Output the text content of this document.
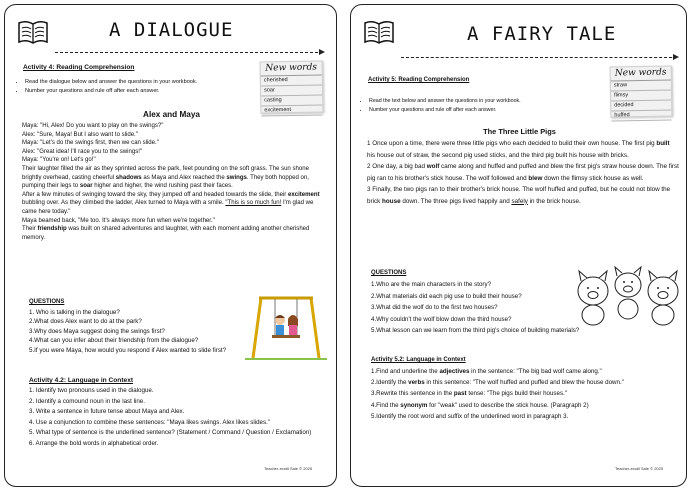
A DIALOGUE
New words
cherished
soar
casting
excitement
Activity 4: Reading Comprehension
• Read the dialogue below and answer the questions in your workbook.
• Number your questions and rule off after each answer.
Alex and Maya
Maya: "Hi, Alex! Do you want to play on the swings?"
Alex: "Sure, Maya! But I also want to slide."
Maya: "Let's do the swings first, then we can slide."
Alex: "Great idea! I'll race you to the swings!"
Maya: "You're on! Let's go!"
Their laughter filled the air as they sprinted across the park, feet pounding on the soft grass. The sun shone brightly overhead, casting cheerful shadows as Maya and Alex reached the swings. They both hopped on, pumping their legs to soar higher and higher, the wind rushing past their faces.
After a few minutes of swinging toward the sky, they jumped off and headed towards the slide, their excitement bubbling over. As they climbed the ladder, Alex turned to Maya with a smile. "This is so much fun! I'm glad we came here today."
Maya beamed back, "Me too. It's always more fun when we're together."
Their friendship was built on shared adventures and laughter, with each moment adding another cherished memory.
QUESTIONS
1. Who is talking in the dialogue?
2.What does Alex want to do at the park?
3.Why does Maya suggest doing the swings first?
4.What can you infer about their friendship from the dialogue?
5.If you were Maya, how would you respond if Alex wanted to slide first?
Activity 4.2: Language in Context
1. Identify two pronouns used in the dialogue.
2. Identify a comound noun in the last line.
3. Write a sentence in future tense about Maya and Alex.
4. Use a conjunction to combine these sentences: "Maya likes swings. Alex likes slides."
5. What type of sentence is the underlined sentence? (Statement / Command / Question / Exclamation)
6. Arrange the bold words in alphabetical order.
Teacher-ecotil Sale © 2025
A FAIRY TALE
New words
straw
flimsy
decided
huffed
Activity 5: Reading Comprehension
• Read the text below and answer the questions in your workbook.
• Number your questions and rule off after each answer.
The Three Little Pigs
1 Once upon a time, there were three little pigs who each decided to build their own house. The first pig built his house out of straw, the second pig used sticks, and the third pig built his house with bricks.
2 One day, a big bad wolf came along and huffed and puffed and blew the first pig's straw house down. The first pig ran to his brother's stick house. The wolf followed and blew down the flimsy stick house as well.
3 Finally, the two pigs ran to their brother's brick house. The wolf huffed and puffed, but he could not blow the brick house down. The three pigs lived happily and safely in the brick house.
QUESTIONS
1.Who are the main characters in the story?
2.What materials did each pig use to build their house?
3.What did the wolf do to the first two houses?
4.Why couldn't the wolf blow down the third house?
5.What lesson can we learn from the third pig's choice of building materials?
Activity 5.2: Language in Context
1.Find and underline the adjectives in the sentence: "The big bad wolf came along."
2.Identify the verbs in this sentence: "The wolf huffed and puffed and blew the house down."
3.Rewrite this sentence in the past tense: "The pigs build their houses."
4.Find the synonym for "weak" used to describe the stick house. (Paragraph 2)
5.Identify the root word and suffix of the underlined word in paragraph 3.
Teacher-ecotil Sale © 2025
